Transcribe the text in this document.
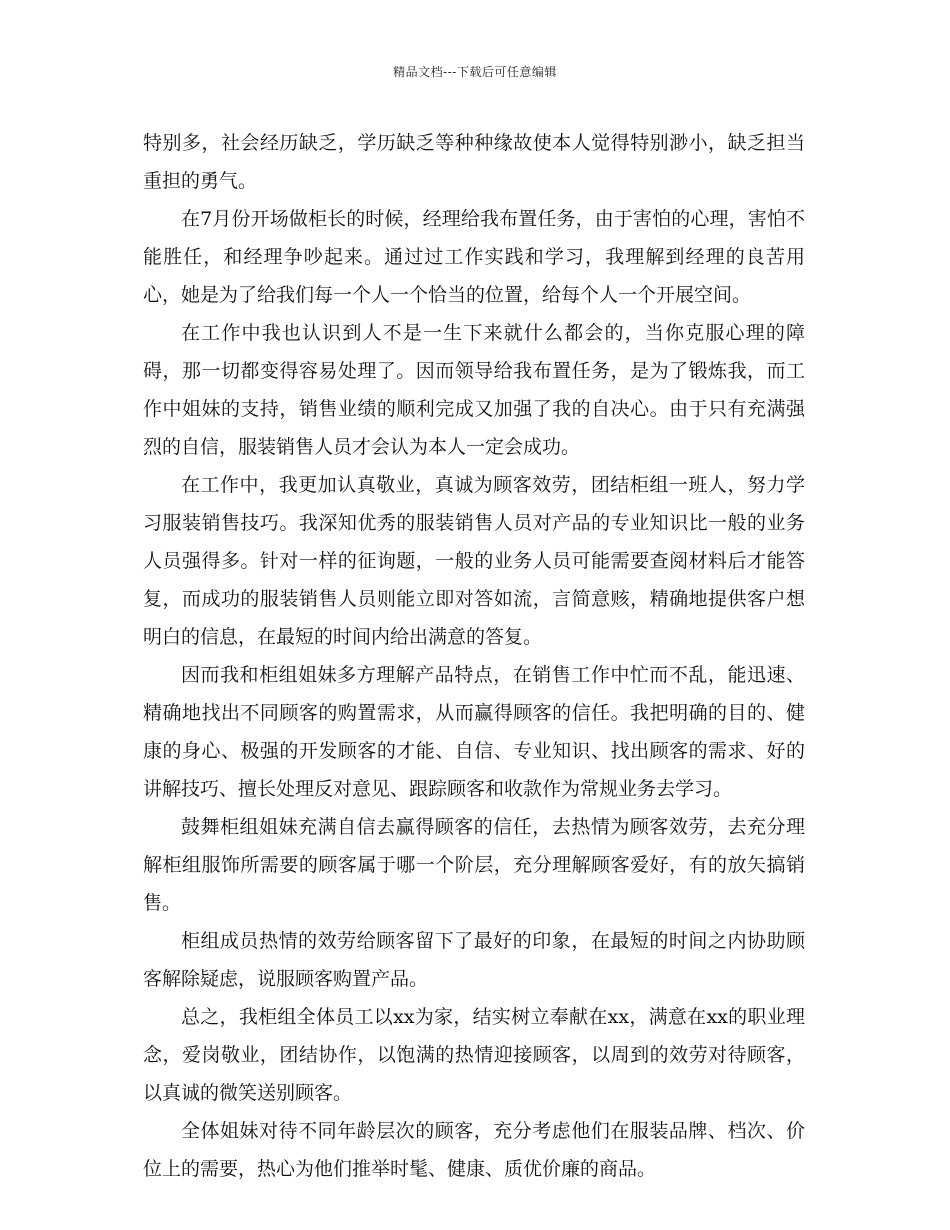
精品文档---下载后可任意编辑

特别多，社会经历缺乏，学历缺乏等种种缘故使本人觉得特别渺小，缺乏担当重担的勇气。

在7月份开场做柜长的时候，经理给我布置任务，由于害怕的心理，害怕不能胜任，和经理争吵起来。通过过工作实践和学习，我理解到经理的良苦用心，她是为了给我们每一个人一个恰当的位置，给每个人一个开展空间。

在工作中我也认识到人不是一生下来就什么都会的，当你克服心理的障碍，那一切都变得容易处理了。因而领导给我布置任务，是为了锻炼我，而工作中姐妹的支持，销售业绩的顺利完成又加强了我的自决心。由于只有充满强烈的自信，服装销售人员才会认为本人一定会成功。

在工作中，我更加认真敬业，真诚为顾客效劳，团结柜组一班人，努力学习服装销售技巧。我深知优秀的服装销售人员对产品的专业知识比一般的业务人员强得多。针对一样的征询题，一般的业务人员可能需要查阅材料后才能答复，而成功的服装销售人员则能立即对答如流，言简意赅，精确地提供客户想明白的信息，在最短的时间内给出满意的答复。

因而我和柜组姐妹多方理解产品特点，在销售工作中忙而不乱，能迅速、精确地找出不同顾客的购置需求，从而赢得顾客的信任。我把明确的目的、健康的身心、极强的开发顾客的才能、自信、专业知识、找出顾客的需求、好的讲解技巧、擅长处理反对意见、跟踪顾客和收款作为常规业务去学习。

鼓舞柜组姐妹充满自信去赢得顾客的信任，去热情为顾客效劳，去充分理解柜组服饰所需要的顾客属于哪一个阶层，充分理解顾客爱好，有的放矢搞销售。

柜组成员热情的效劳给顾客留下了最好的印象，在最短的时间之内协助顾客解除疑虑，说服顾客购置产品。

总之，我柜组全体员工以xx为家，结实树立奉献在xx，满意在xx的职业理念，爱岗敬业，团结协作，以饱满的热情迎接顾客，以周到的效劳对待顾客，以真诚的微笑送别顾客。

全体姐妹对待不同年龄层次的顾客，充分考虑他们在服装品牌、档次、价位上的需要，热心为他们推举时髦、健康、质优价廉的商品。
